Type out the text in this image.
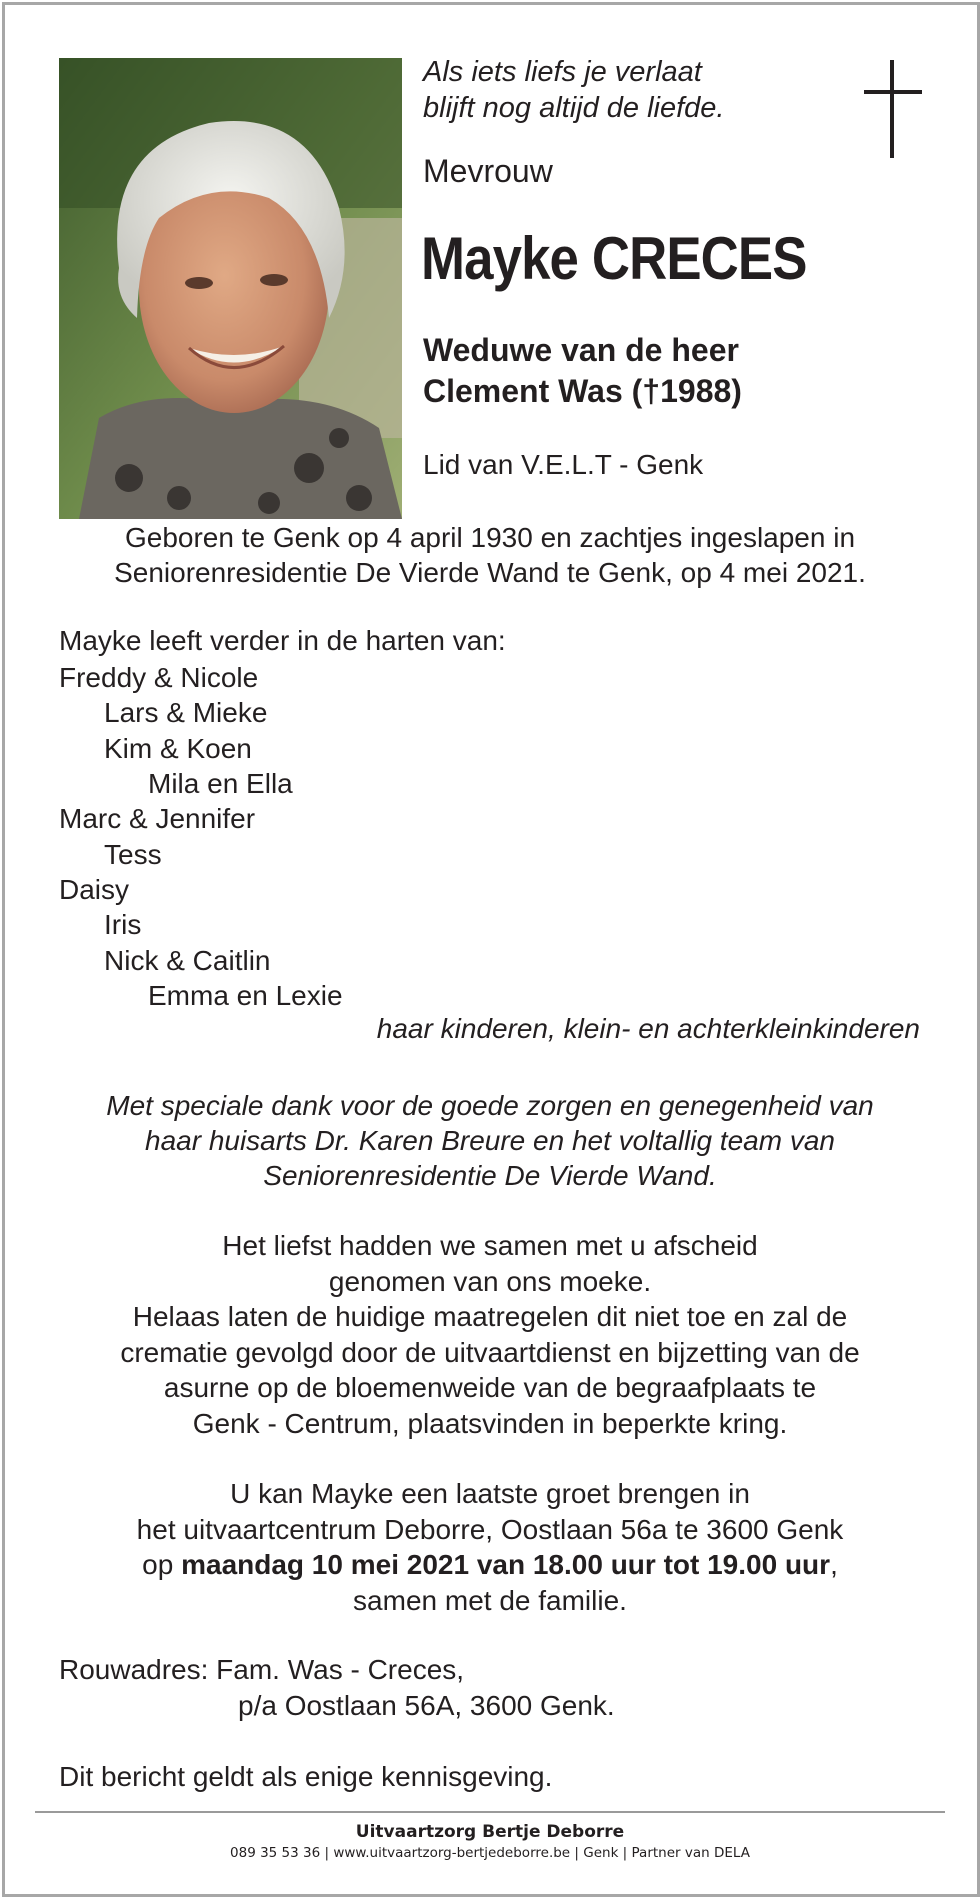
Als iets liefs je verlaat
blijft nog altijd de liefde.
Mevrouw
Mayke CRECES
Weduwe van de heer
Clement Was (†1988)
Lid van V.E.L.T - Genk
Geboren te Genk op 4 april 1930 en zachtjes ingeslapen in
Seniorenresidentie De Vierde Wand te Genk, op 4 mei 2021.
Mayke leeft verder in de harten van:
Freddy & Nicole
Lars & Mieke
Kim & Koen
Mila en Ella
Marc & Jennifer
Tess
Daisy
Iris
Nick & Caitlin
Emma en Lexie
haar kinderen, klein- en achterkleinkinderen
Met speciale dank voor de goede zorgen en genegenheid van
haar huisarts Dr. Karen Breure en het voltallig team van
Seniorenresidentie De Vierde Wand.
Het liefst hadden we samen met u afscheid
genomen van ons moeke.
Helaas laten de huidige maatregelen dit niet toe en zal de
crematie gevolgd door de uitvaartdienst en bijzetting van de
asurne op de bloemenweide van de begraafplaats te
Genk - Centrum, plaatsvinden in beperkte kring.
U kan Mayke een laatste groet brengen in
het uitvaartcentrum Deborre, Oostlaan 56a te 3600 Genk
op maandag 10 mei 2021 van 18.00 uur tot 19.00 uur,
samen met de familie.
Rouwadres: Fam. Was - Creces,
p/a Oostlaan 56A, 3600 Genk.
Dit bericht geldt als enige kennisgeving.
Uitvaartzorg Bertje Deborre
089 35 53 36 | www.uitvaartzorg-bertjedeborre.be | Genk | Partner van DELA
